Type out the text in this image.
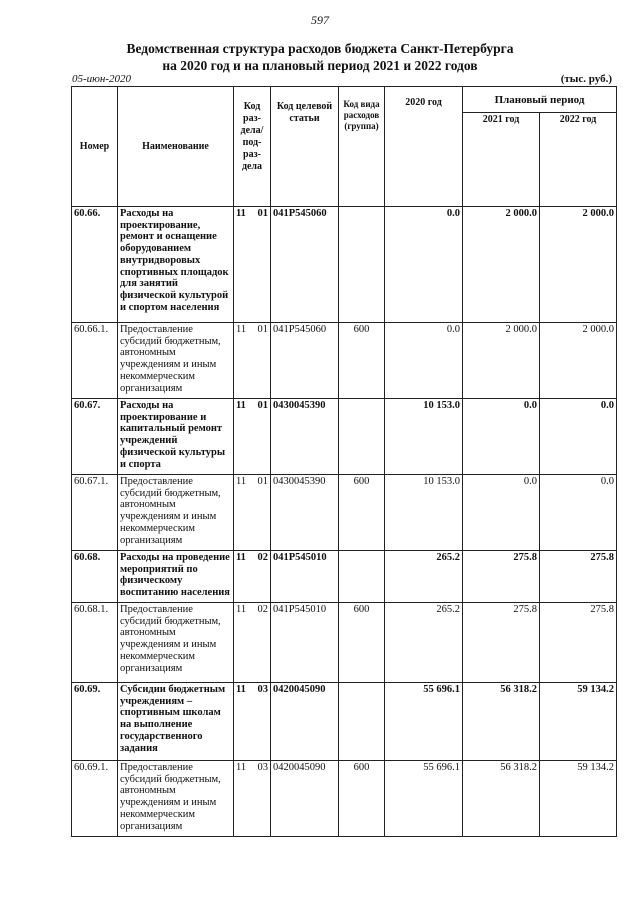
597
Ведомственная структура расходов бюджета Санкт-Петербурга
на 2020 год и на плановый период 2021 и 2022 годов
05-июн-2020	(тыс. руб.)
Номер	Наименование	Код раз-дела/ под-раз-дела	Код целевой статьи	Код вида расходов (группа)	2020 год	Плановый период	
						2021 год	2022 год
60.66.	Расходы на проектирование, ремонт и оснащение оборудованием внутридворовых спортивных площадок для занятий физической культурой и спортом населения	11 01	041P545060		0.0	2 000.0	2 000.0
60.66.1.	Предоставление субсидий бюджетным, автономным учреждениям и иным некоммерческим организациям	11 01	041P545060	600	0.0	2 000.0	2 000.0
60.67.	Расходы на проектирование и капитальный ремонт учреждений физической культуры и спорта	11 01	0430045390		10 153.0	0.0	0.0
60.67.1.	Предоставление субсидий бюджетным, автономным учреждениям и иным некоммерческим организациям	11 01	0430045390	600	10 153.0	0.0	0.0
60.68.	Расходы на проведение мероприятий по физическому воспитанию населения	11 02	041P545010		265.2	275.8	275.8
60.68.1.	Предоставление субсидий бюджетным, автономным учреждениям и иным некоммерческим организациям	11 02	041P545010	600	265.2	275.8	275.8
60.69.	Субсидии бюджетным учреждениям – спортивным школам на выполнение государственного задания	11 03	0420045090		55 696.1	56 318.2	59 134.2
60.69.1.	Предоставление субсидий бюджетным, автономным учреждениям и иным некоммерческим организациям	11 03	0420045090	600	55 696.1	56 318.2	59 134.2
